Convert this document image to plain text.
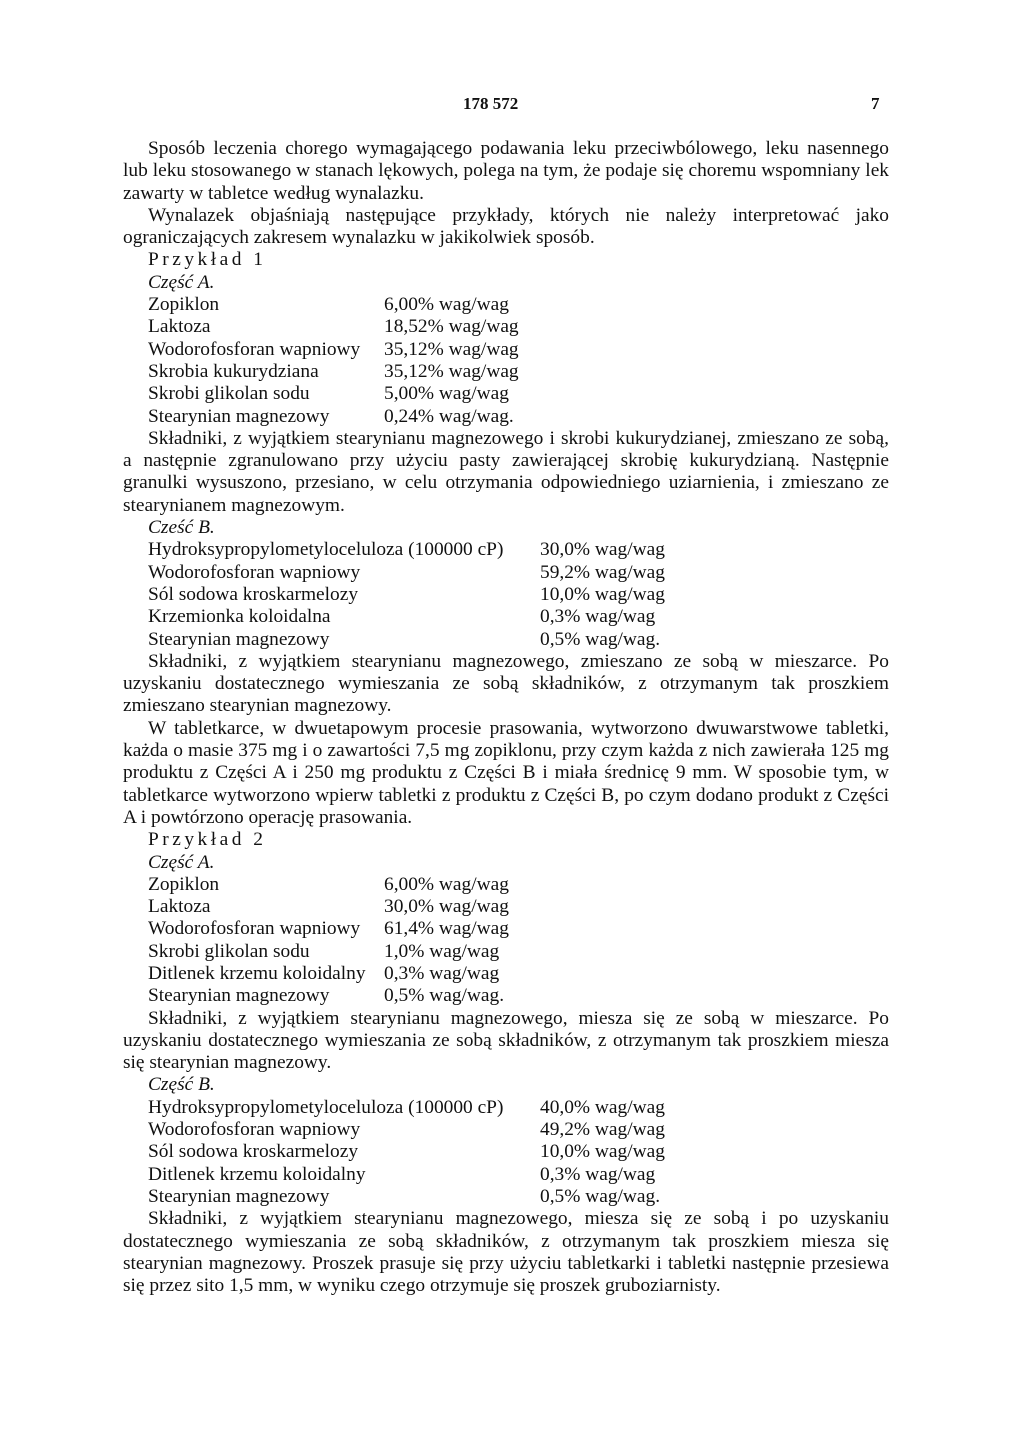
178 572	7

Sposób leczenia chorego wymagającego podawania leku przeciwbólowego, leku nasennego lub leku stosowanego w stanach lękowych, polega na tym, że podaje się choremu wspomniany lek zawarty w tabletce według wynalazku.

Wynalazek objaśniają następujące przykłady, których nie należy interpretować jako ograniczających zakresem wynalazku w jakikolwiek sposób.

Przykład 1
Część A.
Zopiklon	6,00% wag/wag
Laktoza	18,52% wag/wag
Wodorofosforan wapniowy 35,12% wag/wag
Skrobia kukurydziana	35,12% wag/wag
Skrobi glikolan sodu	5,00% wag/wag
Stearynian magnezowy	0,24% wag/wag.

Składniki, z wyjątkiem stearynianu magnezowego i skrobi kukurydzianej, zmieszano ze sobą, a następnie zgranulowano przy użyciu pasty zawierającej skrobię kukurydzianą. Następnie granulki wysuszono, przesiano, w celu otrzymania odpowiedniego uziarnienia, i zmieszano ze stearynianem magnezowym.

Cześć B.
Hydroksypropylometyloceluloza (100000 cP) 30,0% wag/wag
Wodorofosforan wapniowy	59,2% wag/wag
Sól sodowa kroskarmelozy	10,0% wag/wag
Krzemionka koloidalna	0,3% wag/wag
Stearynian magnezowy	0,5% wag/wag.

Składniki, z wyjątkiem stearynianu magnezowego, zmieszano ze sobą w mieszarce. Po uzyskaniu dostatecznego wymieszania ze sobą składników, z otrzymanym tak proszkiem zmieszano stearynian magnezowy.

W tabletkarce, w dwuetapowym procesie prasowania, wytworzono dwuwarstwowe tabletki, każda o masie 375 mg i o zawartości 7,5 mg zopiklonu, przy czym każda z nich zawierała 125 mg produktu z Części A i 250 mg produktu z Części B i miała średnicę 9 mm. W sposobie tym, w tabletkarce wytworzono wpierw tabletki z produktu z Części B, po czym dodano produkt z Części A i powtórzono operację prasowania.

Przykład 2
Część A.
Zopiklon	6,00% wag/wag
Laktoza	30,0% wag/wag
Wodorofosforan wapniowy 61,4% wag/wag
Skrobi glikolan sodu	1,0% wag/wag
Ditlenek krzemu koloidalny 0,3% wag/wag
Stearynian magnezowy	0,5% wag/wag.

Składniki, z wyjątkiem stearynianu magnezowego, miesza się ze sobą w mieszarce. Po uzyskaniu dostatecznego wymieszania ze sobą składników, z otrzymanym tak proszkiem miesza się stearynian magnezowy.

Część B.
Hydroksypropylometyloceluloza (100000 cP) 40,0% wag/wag
Wodorofosforan wapniowy	49,2% wag/wag
Sól sodowa kroskarmelozy	10,0% wag/wag
Ditlenek krzemu koloidalny	0,3% wag/wag
Stearynian magnezowy	0,5% wag/wag.

Składniki, z wyjątkiem stearynianu magnezowego, miesza się ze sobą i po uzyskaniu dostatecznego wymieszania ze sobą składników, z otrzymanym tak proszkiem miesza się stearynian magnezowy. Proszek prasuje się przy użyciu tabletkarki i tabletki następnie przesiewa się przez sito 1,5 mm, w wyniku czego otrzymuje się proszek gruboziarnisty.
